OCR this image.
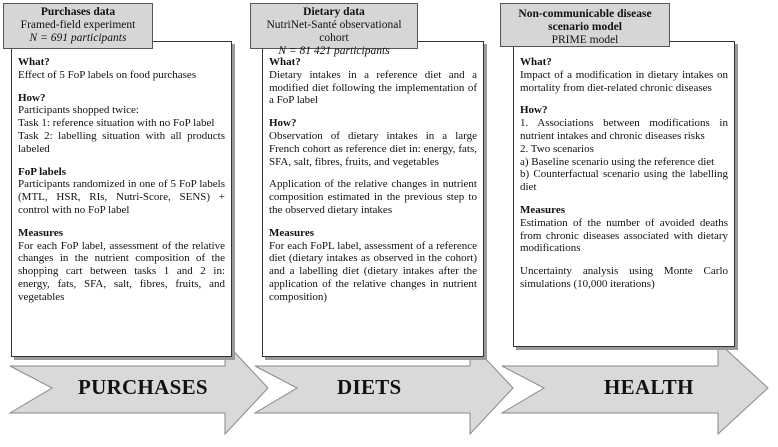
PURCHASES	DIETS	HEALTH
Purchases data
Framed-field experiment
N = 691 participants

What?

Effect of 5 FoP labels on food purchases

How?

Participants shopped twice:

Task 1: reference situation with no FoP label

Task 2: labelling situation with all products labeled

FoP labels

Participants randomized in one of 5 FoP labels (MTL, HSR, RIs, Nutri-Score, SENS) + control with no FoP label

Measures

For each FoP label, assessment of the relative changes in the nutrient composition of the shopping cart between tasks 1 and 2 in: energy, fats, SFA, salt, fibres, fruits, and vegetables

Dietary data
NutriNet-Santé observational cohort
N = 81 421 participants

What?

Dietary intakes in a reference diet and a modified diet following the implementation of a FoP label

How?

Observation of dietary intakes in a large French cohort as reference diet in: energy, fats, SFA, salt, fibres, fruits, and vegetables

Application of the relative changes in nutrient composition estimated in the previous step to the observed dietary intakes

Measures

For each FoPL label, assessment of a reference diet (dietary intakes as observed in the cohort) and a labelling diet (dietary intakes after the application of the relative changes in nutrient composition)

Non-communicable disease scenario model
PRIME model

What?

Impact of a modification in dietary intakes on mortality from diet-related chronic diseases

How?

1. Associations between modifications in nutrient intakes and chronic diseases risks

2. Two scenarios

a) Baseline scenario using the reference diet

b) Counterfactual scenario using the labelling diet

Measures

Estimation of the number of avoided deaths from chronic diseases associated with dietary modifications

Uncertainty analysis using Monte Carlo simulations (10,000 iterations)
